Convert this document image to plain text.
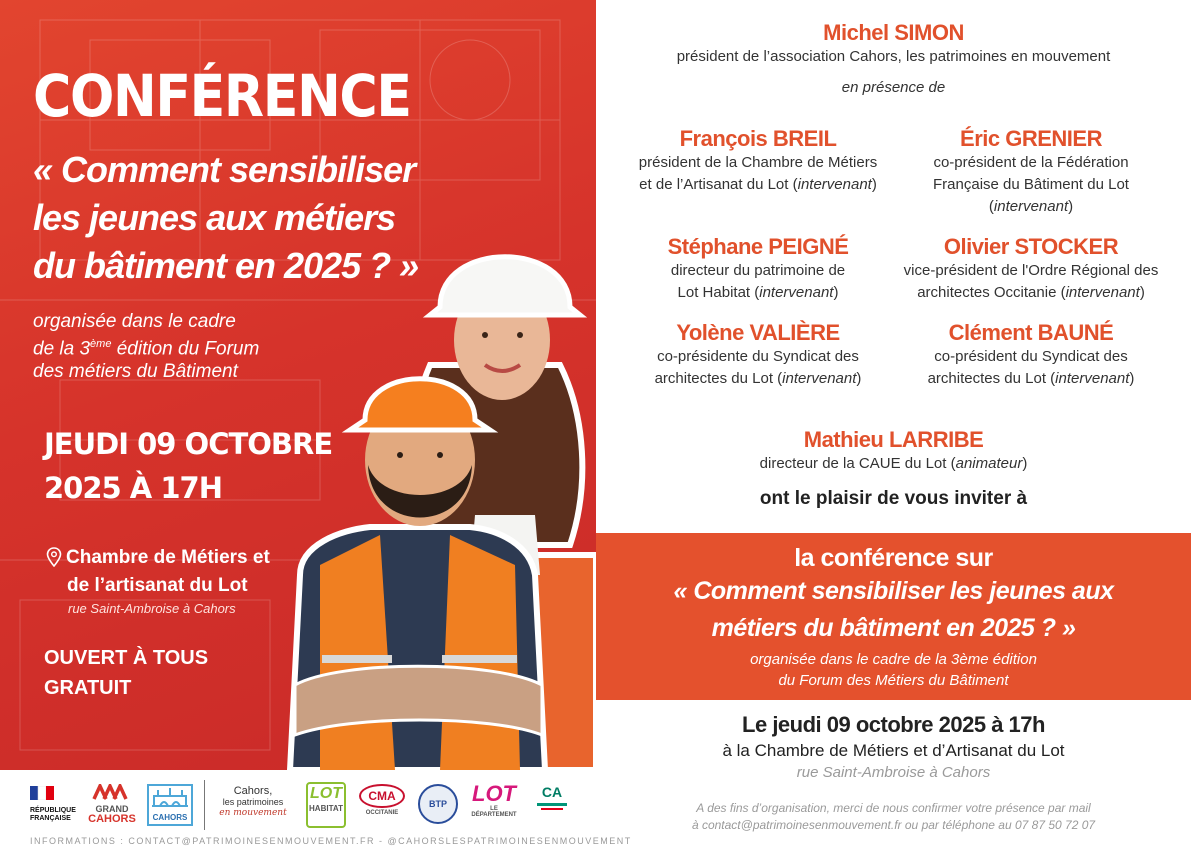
CONFÉRENCE
« Comment sensibiliser
les jeunes aux métiers
du bâtiment en 2025 ? »
organisée dans le cadre
de la 3ème édition du Forum
des métiers du Bâtiment
JEUDI 09 OCTOBRE
2025 À 17H
Chambre de Métiers et
de l’artisanat du Lot
rue Saint-Ambroise à Cahors
OUVERT À TOUS
GRATUIT
Michel SIMON
président de l’association Cahors, les patrimoines en mouvement
en présence de
François BREIL
président de la Chambre de Métiers
et de l’Artisanat du Lot (intervenant)
Éric GRENIER
co-président de la Fédération
Française du Bâtiment du Lot
(intervenant)
Stéphane PEIGNÉ
directeur du patrimoine de
Lot Habitat (intervenant)
Olivier STOCKER
vice-président de l'Ordre Régional des
architectes Occitanie (intervenant)
Yolène VALIÈRE
co-présidente du Syndicat des
architectes du Lot (intervenant)
Clément BAUNÉ
co-président du Syndicat des
architectes du Lot (intervenant)
Mathieu LARRIBE
directeur de la CAUE du Lot (animateur)
ont le plaisir de vous inviter à
la conférence sur
« Comment sensibiliser les jeunes aux
métiers du bâtiment en 2025 ? »
organisée dans le cadre de la 3ème édition
du Forum des Métiers du Bâtiment
Le jeudi 09 octobre 2025 à 17h
à la Chambre de Métiers et d’Artisanat du Lot
rue Saint-Ambroise à Cahors
A des fins d’organisation, merci de nous confirmer votre présence par mail
à contact@patrimoinesenmouvement.fr ou par téléphone au 07 87 50 72 07
RÉPUBLIQUE
FRANÇAISE
GRAND
CAHORS	CAHORS
Cahors,
les patrimoines
en mouvement
LOT
HABITAT
CMA
OCCITANIE
BTP	LOT
LE DÉPARTEMENT
CA
INFORMATIONS : CONTACT@PATRIMOINESENMOUVEMENT.FR - @CAHORSLESPATRIMOINESENMOUVEMENT
